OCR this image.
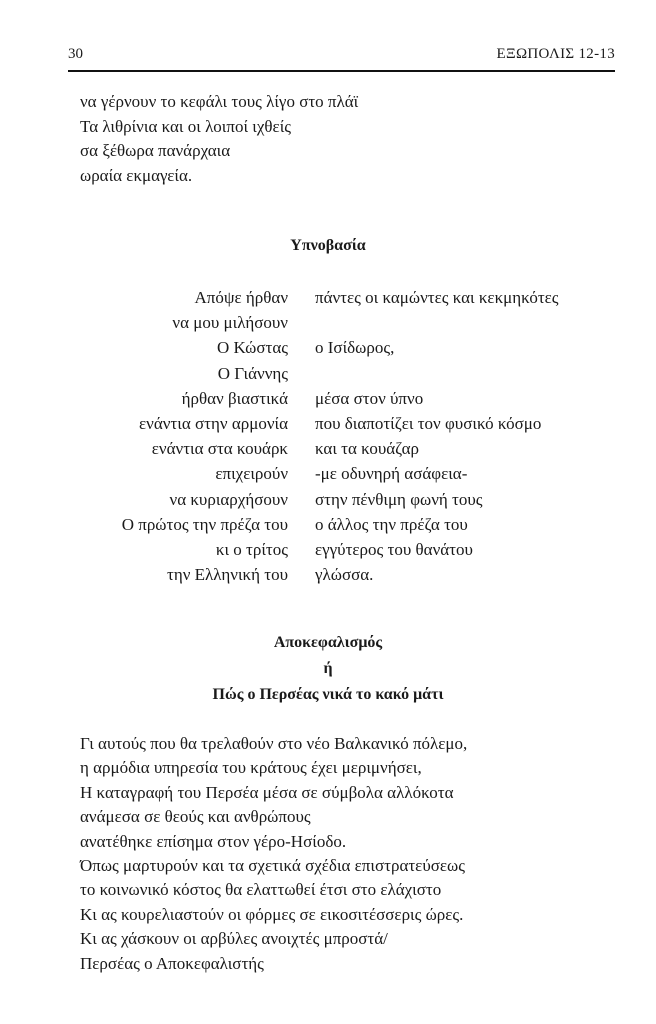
30	ΕΞΩΠΟΛΙΣ 12-13
να γέρνουν το κεφάλι τους λίγο στο πλάϊ
Τα λιθρίνια και οι λοιποί ιχθείς
σα ξέθωρα πανάρχαια
ωραία εκμαγεία.
Υπνοβασία
Απόψε ήρθαν	πάντες οι καμώντες και κεκμηκότες
να μου μιλήσουν
Ο Κώστας	ο Ισίδωρος,
Ο Γιάννης
ήρθαν βιαστικά	μέσα στον ύπνο
ενάντια στην αρμονία	που διαποτίζει τον φυσικό κόσμο
ενάντια στα κουάρκ	και τα κουάζαρ
επιχειρούν	-με οδυνηρή ασάφεια-
να κυριαρχήσουν	στην πένθιμη φωνή τους
Ο πρώτος την πρέζα του	ο άλλος την πρέζα του
κι ο τρίτος	εγγύτερος του θανάτου
την Ελληνική του	γλώσσα.
Αποκεφαλισμός
ή
Πώς ο Περσέας νικά το κακό μάτι
Γι αυτούς που θα τρελαθούν στο νέο Βαλκανικό πόλεμο,
η αρμόδια υπηρεσία του κράτους έχει μεριμνήσει,
Η καταγραφή του Περσέα μέσα σε σύμβολα αλλόκοτα
ανάμεσα σε θεούς και ανθρώπους
ανατέθηκε επίσημα στον γέρο-Ησίοδο.
Όπως μαρτυρούν και τα σχετικά σχέδια επιστρατεύσεως
το κοινωνικό κόστος θα ελαττωθεί έτσι στο ελάχιστο
Κι ας κουρελιαστούν οι φόρμες σε εικοσιτέσσερις ώρες.
Κι ας χάσκουν οι αρβύλες ανοιχτές μπροστά/
Περσέας ο Αποκεφαλιστής
